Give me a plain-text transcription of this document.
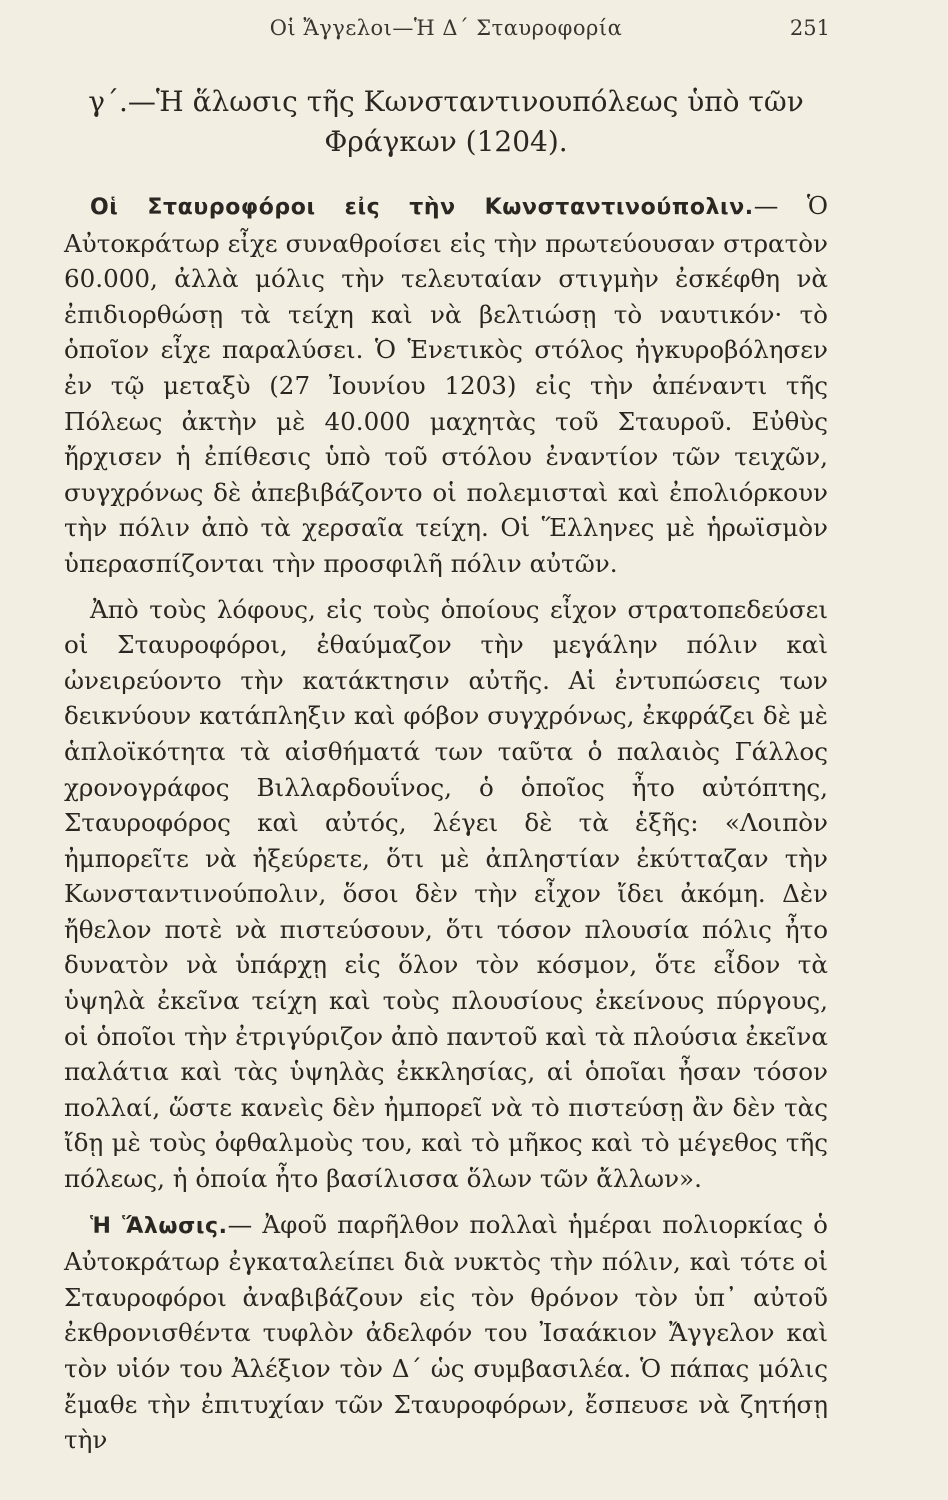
Οἱ Ἄγγελοι—Ἡ Δ΄ Σταυροφορία	251
γ΄.—Ἡ ἅλωσις τῆς Κωνσταντινουπόλεως ὑπὸ τῶν
Φράγκων (1204).

Οἱ Σταυροφόροι εἰς τὴν Κωνσταντινούπολιν.— Ὁ Αὐτοκράτωρ εἶχε συναθροίσει εἰς τὴν πρωτεύουσαν στρατὸν 60.000, ἀλλὰ μόλις τὴν τελευταίαν στιγμὴν ἐσκέφθη νὰ ἐπιδιορθώσῃ τὰ τείχη καὶ νὰ βελτιώσῃ τὸ ναυτικόν· τὸ ὁποῖον εἶχε παραλύσει. Ὁ Ἑνετικὸς στόλος ἠγκυροβόλησεν ἐν τῷ μεταξὺ (27 Ἰουνίου 1203) εἰς τὴν ἀπέναντι τῆς Πόλεως ἀκτὴν μὲ 40.000 μαχητὰς τοῦ Σταυροῦ. Εὐθὺς ἤρχισεν ἡ ἐπίθεσις ὑπὸ τοῦ στόλου ἐναντίον τῶν τειχῶν, συγχρόνως δὲ ἀπεβιβάζοντο οἱ πολεμισταὶ καὶ ἐπολιόρκουν τὴν πόλιν ἀπὸ τὰ χερσαῖα τείχη. Οἱ Ἕλληνες μὲ ἡρωϊσμὸν ὑπερασπίζονται τὴν προσφιλῆ πόλιν αὐτῶν.

Ἀπὸ τοὺς λόφους, εἰς τοὺς ὁποίους εἶχον στρατοπεδεύσει οἱ Σταυροφόροι, ἐθαύμαζον τὴν μεγάλην πόλιν καὶ ὠνειρεύοντο τὴν κατάκτησιν αὐτῆς. Αἱ ἐντυπώσεις των δεικνύουν κατάπληξιν καὶ φόβον συγχρόνως, ἐκφράζει δὲ μὲ ἁπλοϊκότητα τὰ αἰσθήματά των ταῦτα ὁ παλαιὸς Γάλλος χρονογράφος Βιλλαρδουΐνος, ὁ ὁποῖος ἦτο αὐτόπτης, Σταυροφόρος καὶ αὐτός, λέγει δὲ τὰ ἑξῆς: «Λοιπὸν ἠμπορεῖτε νὰ ἠξεύρετε, ὅτι μὲ ἀπληστίαν ἐκύτταζαν τὴν Κωνσταντινούπολιν, ὅσοι δὲν τὴν εἶχον ἴδει ἀκόμη. Δὲν ἤθελον ποτὲ νὰ πιστεύσουν, ὅτι τόσον πλουσία πόλις ἦτο δυνατὸν νὰ ὑπάρχῃ εἰς ὅλον τὸν κόσμον, ὅτε εἶδον τὰ ὑψηλὰ ἐκεῖνα τείχη καὶ τοὺς πλουσίους ἐκείνους πύργους, οἱ ὁποῖοι τὴν ἐτριγύριζον ἀπὸ παντοῦ καὶ τὰ πλούσια ἐκεῖνα παλάτια καὶ τὰς ὑψηλὰς ἐκκλησίας, αἱ ὁποῖαι ἦσαν τόσον πολλαί, ὥστε κανεὶς δὲν ἠμπορεῖ νὰ τὸ πιστεύσῃ ἂν δὲν τὰς ἴδῃ μὲ τοὺς ὀφθαλμοὺς του, καὶ τὸ μῆκος καὶ τὸ μέγεθος τῆς πόλεως, ἡ ὁποία ἦτο βασίλισσα ὅλων τῶν ἄλλων».

Ἡ Ἅλωσις.— Ἀφοῦ παρῆλθον πολλαὶ ἡμέραι πολιορκίας ὁ Αὐτοκράτωρ ἐγκαταλείπει διὰ νυκτὸς τὴν πόλιν, καὶ τότε οἱ Σταυροφόροι ἀναβιβάζουν εἰς τὸν θρόνον τὸν ὑπ᾿ αὐτοῦ ἐκθρονισθέντα τυφλὸν ἀδελφόν του Ἰσαάκιον Ἄγγελον καὶ τὸν υἱόν του Ἀλέξιον τὸν Δ΄ ὡς συμβασιλέα. Ὁ πάπας μόλις ἔμαθε τὴν ἐπιτυχίαν τῶν Σταυροφόρων, ἔσπευσε νὰ ζητήσῃ τὴν
